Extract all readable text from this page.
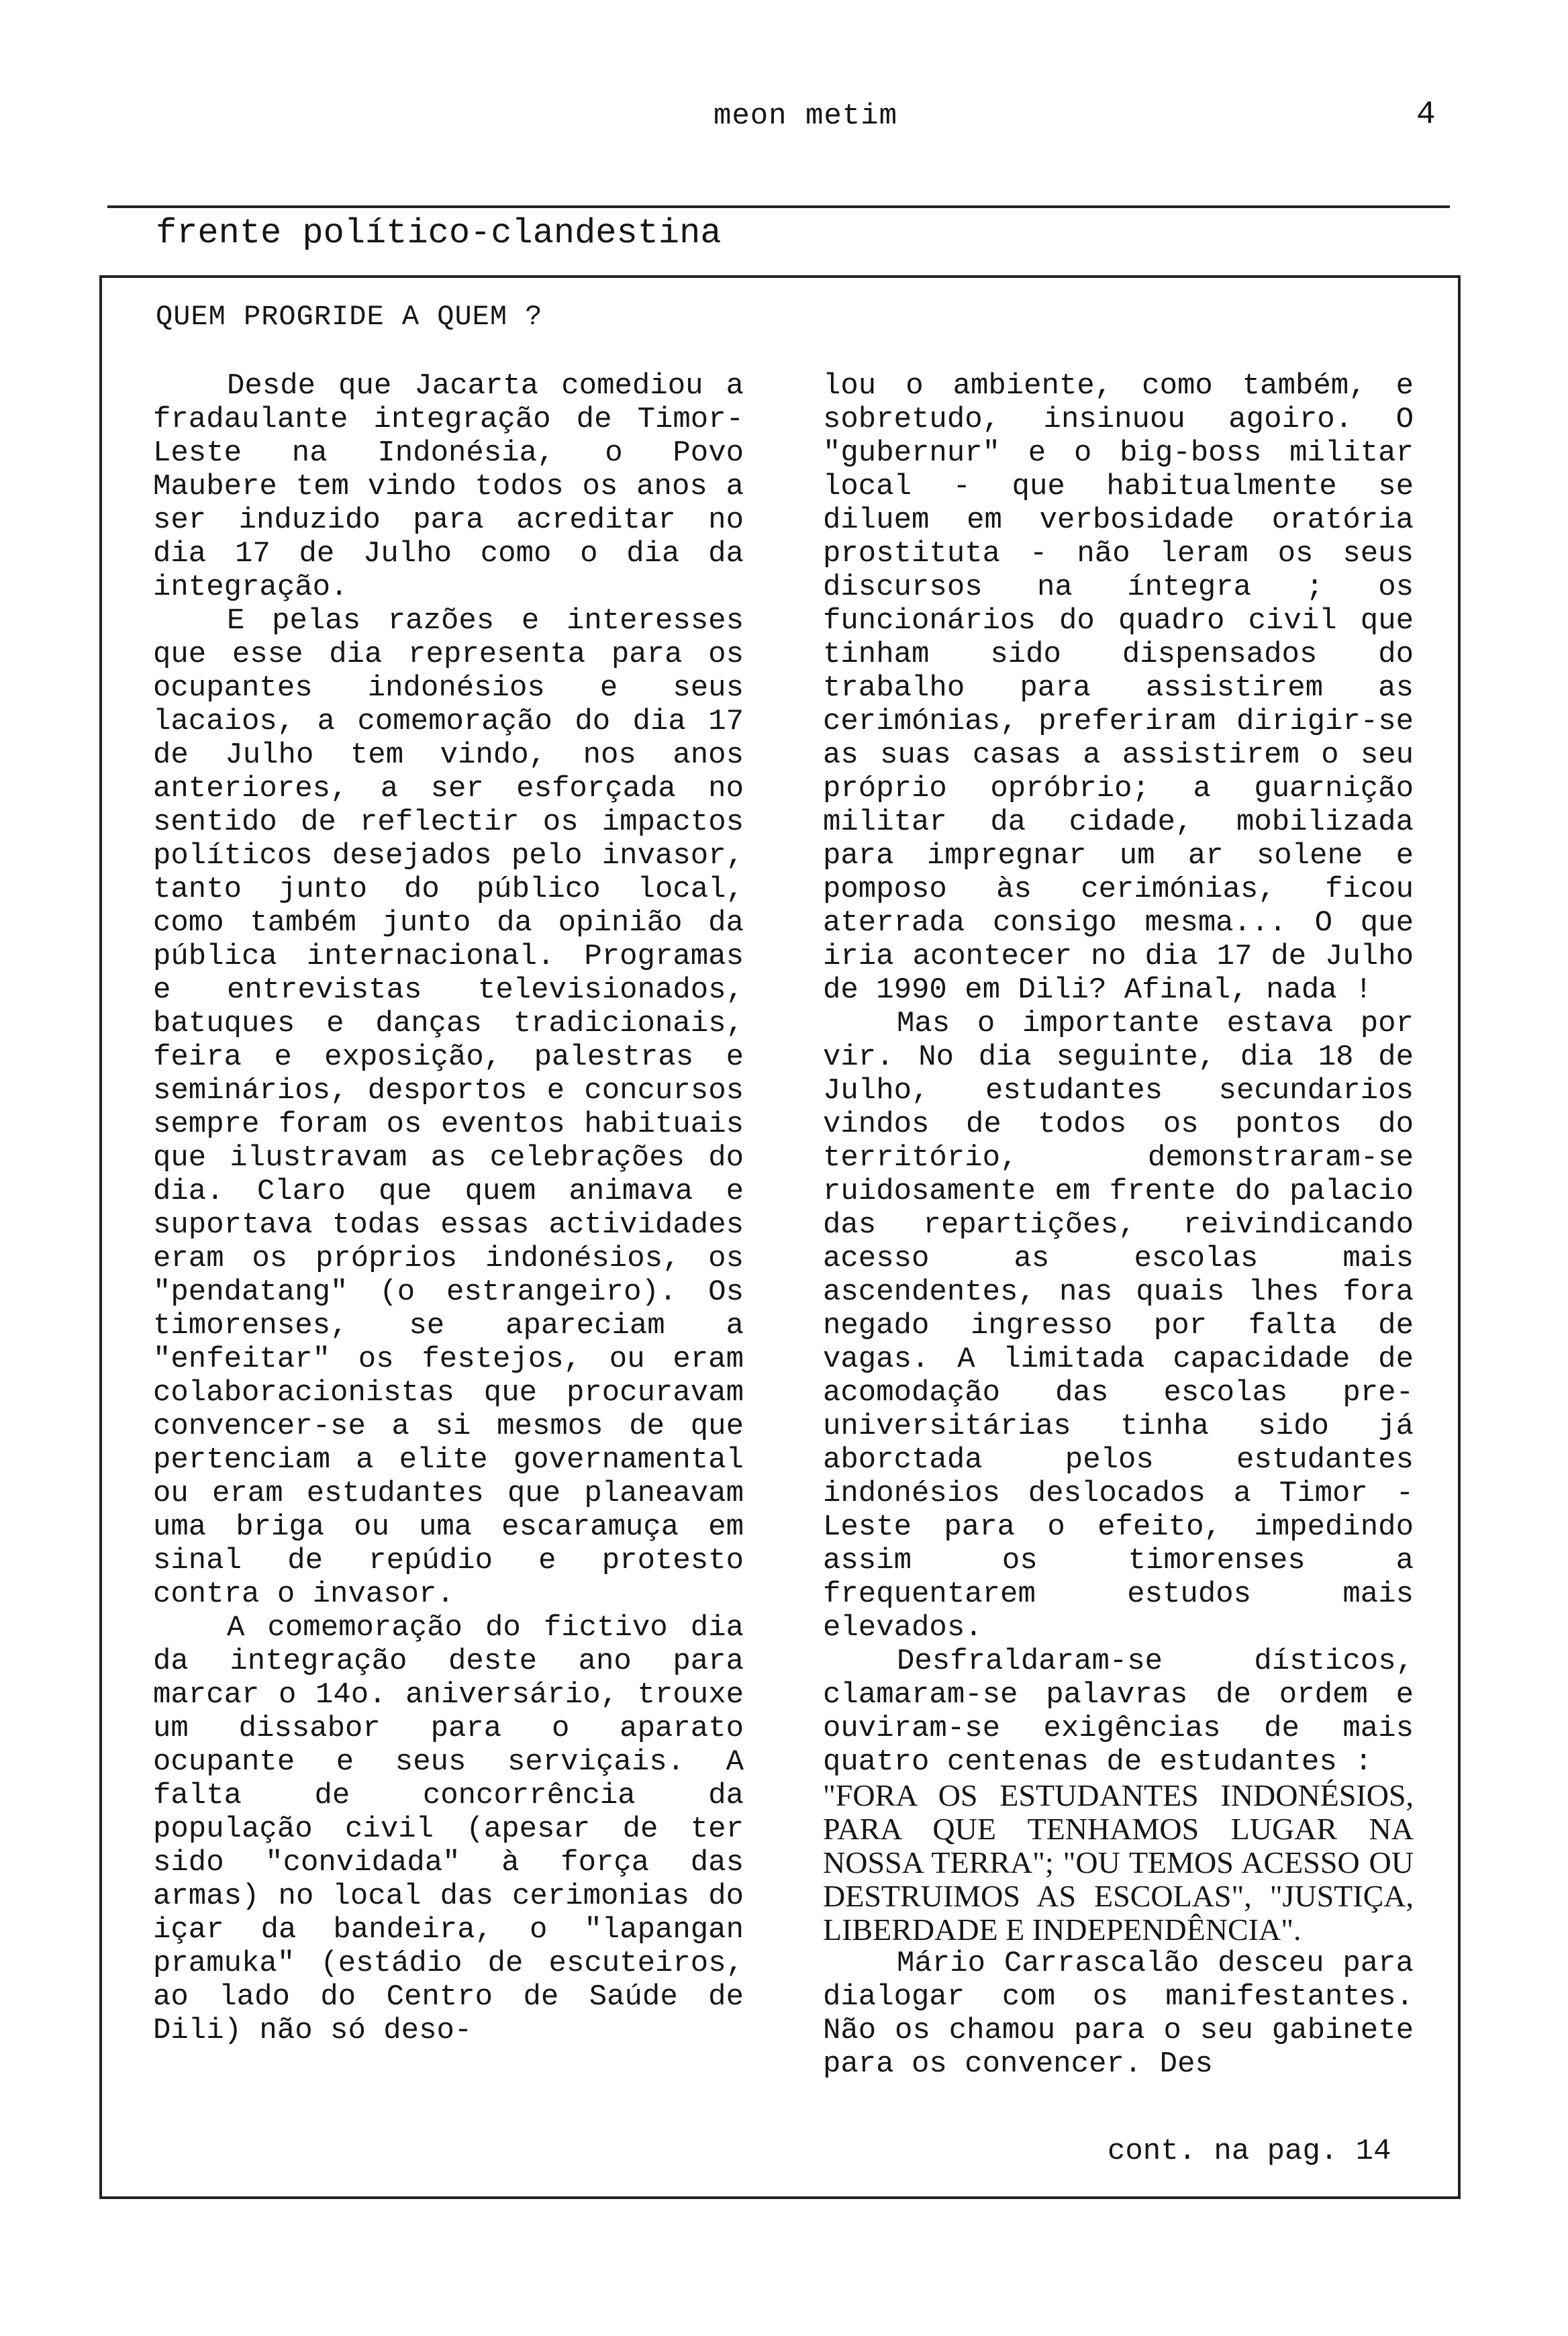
meon metim	4
frente político-clandestina
QUEM PROGRIDE A QUEM ?

Desde que Jacarta comediou a fradaulante integração de Timor-Leste na Indonésia, o Povo Maubere tem vindo todos os anos a ser induzido para acreditar no dia 17 de Julho como o dia da integração.

E pelas razões e interesses que esse dia representa para os ocupantes indonésios e seus lacaios, a comemoração do dia 17 de Julho tem vindo, nos anos anteriores, a ser esforçada no sentido de reflectir os impactos políticos desejados pelo invasor, tanto junto do público local, como também junto da opinião da pública internacional. Programas e entrevistas televisionados, batuques e danças tradicionais, feira e exposição, palestras e seminários, desportos e concursos sempre foram os eventos habituais que ilustravam as celebrações do dia. Claro que quem animava e suportava todas essas actividades eram os próprios indonésios, os "pendatang" (o estrangeiro). Os timorenses, se apareciam a "enfeitar" os festejos, ou eram colaboracionistas que procuravam convencer-se a si mesmos de que pertenciam a elite governamental ou eram estudantes que planeavam uma briga ou uma escaramuça em sinal de repúdio e protesto contra o invasor.

A comemoração do fictivo dia da integração deste ano para marcar o 14o. aniversário, trouxe um dissabor para o aparato ocupante e seus serviçais. A falta de concorrência da população civil (apesar de ter sido "convidada" à força das armas) no local das cerimonias do içar da bandeira, o "lapangan pramuka" (estádio de escuteiros, ao lado do Centro de Saúde de Dili) não só deso-

lou o ambiente, como também, e sobretudo, insinuou agoiro. O "gubernur" e o big-boss militar local - que habitualmente se diluem em verbosidade oratória prostituta - não leram os seus discursos na íntegra ; os funcionários do quadro civil que tinham sido dispensados do trabalho para assistirem as cerimónias, preferiram dirigir-se as suas casas a assistirem o seu próprio opróbrio; a guarnição militar da cidade, mobilizada para impregnar um ar solene e pomposo às cerimónias, ficou aterrada consigo mesma... O que iria acontecer no dia 17 de Julho de 1990 em Dili? Afinal, nada !

Mas o importante estava por vir. No dia seguinte, dia 18 de Julho, estudantes secundarios vindos de todos os pontos do território, demonstraram-se ruidosamente em frente do palacio das repartições, reivindicando acesso as escolas mais ascendentes, nas quais lhes fora negado ingresso por falta de vagas. A limitada capacidade de acomodação das escolas pre-universitárias tinha sido já aborctada pelos estudantes indonésios deslocados a Timor - Leste para o efeito, impedindo assim os timorenses a frequentarem estudos mais elevados.

Desfraldaram-se dísticos, clamaram-se palavras de ordem e ouviram-se exigências de mais quatro centenas de estudantes :

"FORA OS ESTUDANTES INDONÉSIOS, PARA QUE TENHAMOS LUGAR NA NOSSA TERRA"; "OU TEMOS ACESSO OU DESTRUIMOS AS ESCOLAS", "JUSTIÇA, LIBERDADE E INDEPENDÊNCIA".

Mário Carrascalão desceu para dialogar com os manifestantes. Não os chamou para o seu gabinete para os convencer. Des

cont. na pag. 14
